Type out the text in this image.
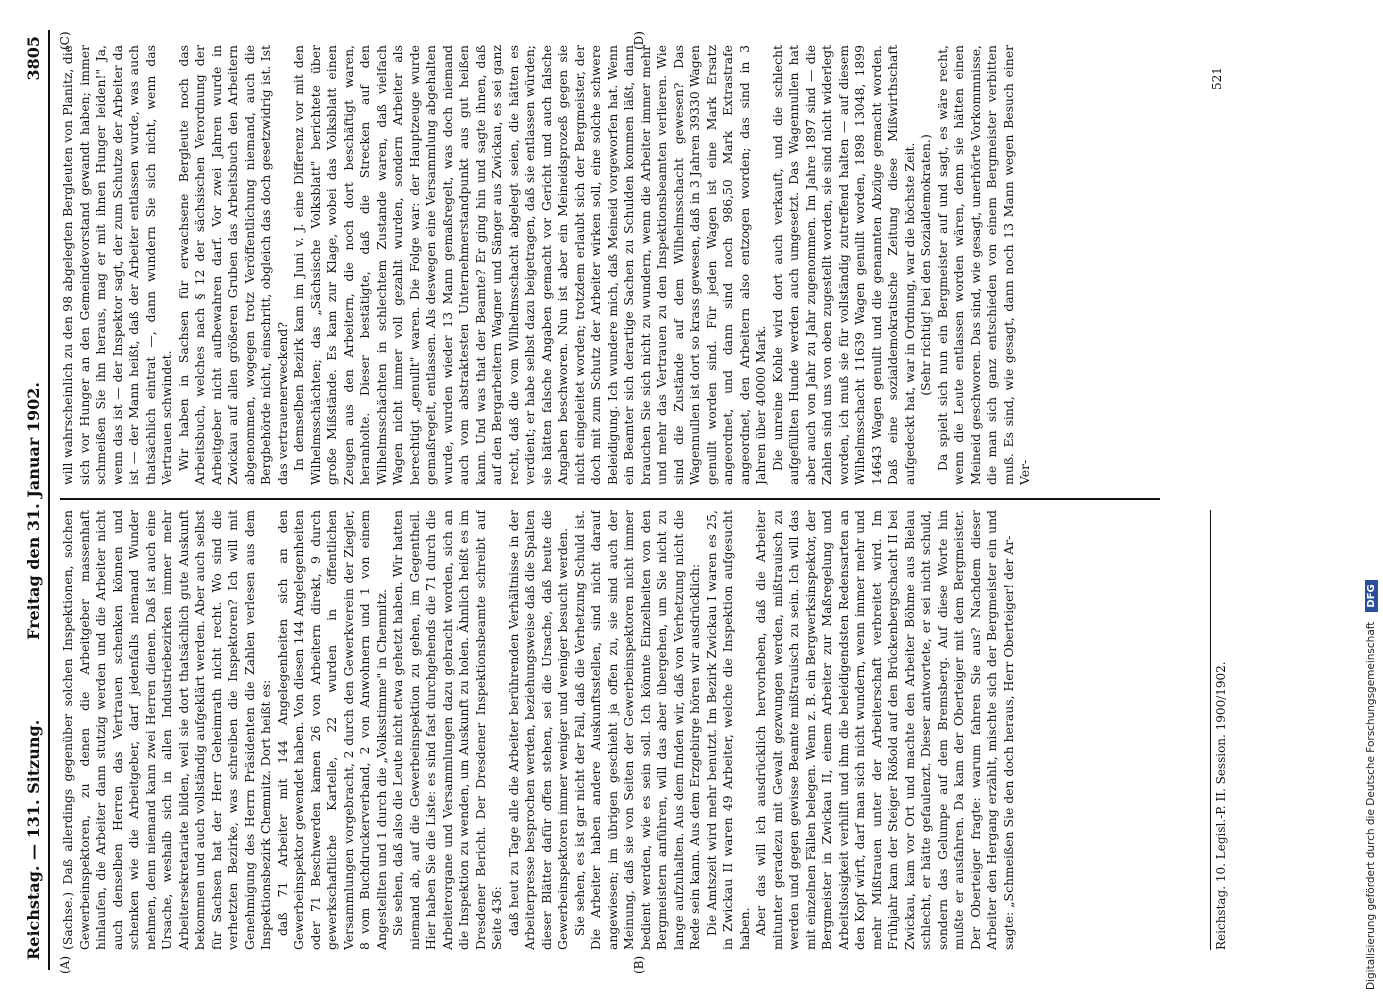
Reichstag. — 131. Sitzung.
Freitag den 31. Januar 1902.
3805
(A)	(B)
(C)	(D)

(Sachse.) Daß allerdings gegenüber solchen Inspektionen, solchen Gewerbeinspektoren, zu denen die Arbeitgeber massenhaft hinlaufen, die Arbeiter dann stutzig werden und die Arbeiter nicht auch denselben Herren das Vertrauen schenken können und schenken wie die Arbeitgeber, darf jedenfalls niemand Wunder nehmen, denn niemand kann zwei Herren dienen. Daß ist auch eine Ursache, weshalb sich in allen Industriebezirken immer mehr Arbeitersekretariate bilden, weil sie dort thatsächlich gute Auskunft bekommen und auch vollständig aufgeklärt werden. Aber auch selbst für Sachsen hat der Herr Geheimrath nicht recht. Wo sind die verhetzten Bezirke, was schreiben die Inspektoren? Ich will mit Genehmigung des Herrn Präsidenten die Zahlen verlesen aus dem Inspektionsbezirk Chemnitz. Dort heißt es: daß 71 Arbeiter mit 144 Angelegenheiten sich an den Gewerbeinspektor gewendet haben. Von diesen 144 Angelegenheiten oder 71 Beschwerden kamen 26 von Arbeitern direkt, 9 durch gewerkschaftliche Kartelle, 22 wurden in öffentlichen Versammlungen vorgebracht, 2 durch den Gewerkverein der Ziegler, 8 vom Buchdruckerverband, 2 von Anwohnern und 1 von einem Angestellten und 1 durch die „Volksstimme" in Chemnitz. Sie sehen, daß also die Leute nicht etwa gehetzt haben. Wir hatten niemand ab, auf die Gewerbeinspektion zu gehen, im Gegentheil. Hier haben Sie die Liste: es sind fast durchgehends die 71 durch die Arbeiterorgane und Versammlungen dazu gebracht worden, sich an die Inspektion zu wenden, um Auskunft zu holen. Ähnlich heißt es im Dresdener Bericht. Der Dresdener Inspektionsbeamte schreibt auf Seite 436: daß heut zu Tage alle die Arbeiter berührenden Verhältnisse in der Arbeiterpresse besprochen werden, beziehungsweise daß die Spalten dieser Blätter dafür offen stehen, sei die Ursache, daß heute die Gewerbeinspektoren immer weniger und weniger besucht werden. Sie sehen, es ist gar nicht der Fall, daß die Verhetzung Schuld ist. Die Arbeiter haben andere Auskunftsstellen, sind nicht darauf angewiesen; im übrigen geschieht ja offen zu, sie sind auch der Meinung, daß sie von Seiten der Gewerbeinspektoren nicht immer bedient werden, wie es sein soll. Ich könnte Einzelheiten von den Bergmeistern anführen, will das aber übergehen, um Sie nicht zu lange aufzuhalten. Aus dem finden wir, daß von Verhetzung nicht die Rede sein kann. Aus dem Erzgebirge hören wir ausdrücklich: Die Amtszeit wird mehr benutzt. Im Bezirk Zwickau I waren es 25, in Zwickau II waren 49 Arbeiter, welche die Inspektion aufgesucht haben. Aber das will ich ausdrücklich hervorheben, daß die Arbeiter mitunter geradezu mit Gewalt gezwungen werden, mißtrauisch zu werden und gegen gewisse Beamte mißtrauisch zu sein. Ich will das mit einzelnen Fällen belegen. Wenn z. B. ein Bergwerksinspektor, der Bergmeister in Zwickau II, einem Arbeiter zur Maßregelung und Arbeitslosigkeit verhilft und ihm die beleidigendsten Redensarten an den Kopf wirft, darf man sich nicht wundern, wenn immer mehr und mehr Mißtrauen unter der Arbeiterschaft verbreitet wird. Im Frühjahr kam der Steiger Rößold auf den Brückenbergschacht II bei Zwickau, kam vor Ort und machte den Arbeiter Böhme aus Bielau schlecht, er hätte gefaulenzt. Dieser antwortete, er sei nicht schuld, sondern das Gelumpe auf dem Bremsberg. Auf diese Worte hin mußte er ausfahren. Da kam der Oberteiger mit dem Bergmeister. Der Oberteiger fragte: warum fahren Sie aus? Nachdem dieser Arbeiter den Hergang erzählt, mischte sich der Bergmeister ein und sagte: „Schmeißen Sie den doch heraus, Herr Oberteiger! der Ar-

will wahrscheinlich zu den 98 abgelegten Bergleuten von Planitz, die sich vor Hunger an den Gemeindevorstand gewandt haben; immer schmeißen Sie ihn heraus, mag er mit ihnen Hunger leiden!" Ja, wenn das ist — der Inspektor sagt, der zum Schutze der Arbeiter da ist — der Mann heißt, daß der Arbeiter entlassen wurde, was auch thatsächlich eintrat —, dann wundern Sie sich nicht, wenn das Vertrauen schwindet. Wir haben in Sachsen für erwachsene Bergleute noch das Arbeitsbuch, welches nach § 12 der sächsischen Verordnung der Arbeitgeber nicht aufbewahren darf. Vor zwei Jahren wurde in Zwickau auf allen größeren Gruben das Arbeitsbuch den Arbeitern abgenommen, wogegen trotz Veröffentlichung niemand, auch die Bergbehörde nicht, einschritt, obgleich das doch gesetzwidrig ist. Ist das vertrauenerweckend? In demselben Bezirk kam im Juni v. J. eine Differenz vor mit den Wilhelmsschächten; das „Sächsische Volksblatt" berichtete über große Mißstände. Es kam zur Klage, wobei das Volksblatt einen Zeugen aus den Arbeitern, die noch dort beschäftigt waren, heranholte. Dieser bestätigte, daß die Strecken auf den Wilhelmsschächten in schlechtem Zustande waren, daß vielfach Wagen nicht immer voll gezahlt wurden, sondern Arbeiter als berechtigt „genullt" waren. Die Folge war: der Hauptzeuge wurde gemaßregelt, entlassen. Als deswegen eine Versammlung abgehalten wurde, wurden wieder 13 Mann gemaßregelt, was doch niemand auch vom abstraktesten Unternehmerstandpunkt aus gut heißen kann. Und was that der Beamte? Er ging hin und sagte ihnen, daß auf den Bergarbeitern Wagner und Sänger aus Zwickau, es sei ganz recht, daß die vom Wilhelmsschacht abgelegt seien, die hätten es verdient; er habe selbst dazu beigetragen, daß sie entlassen würden; sie hätten falsche Angaben gemacht vor Gericht und auch falsche Angaben beschworen. Nun ist aber ein Meineidsprozeß gegen sie nicht eingeleitet worden; trotzdem erlaubt sich der Bergmeister, der doch mit zum Schutz der Arbeiter wirken soll, eine solche schwere Beleidigung. Ich wundere mich, daß Meineid vorgeworfen hat. Wenn ein Beamter sich derartige Sachen zu Schulden kommen läßt, dann brauchen Sie sich nicht zu wundern, wenn die Arbeiter immer mehr und mehr das Vertrauen zu den Inspektionsbeamten verlieren. Wie sind die Zustände auf dem Wilhelmsschacht gewesen? Das Wagennullen ist dort so krass gewesen, daß in 3 Jahren 39330 Wagen genullt worden sind. Für jeden Wagen ist eine Mark Ersatz angeordnet, und dann sind noch 986,50 Mark Extrastrafe angeordnet, den Arbeitern also entzogen worden; das sind in 3 Jahren über 40000 Mark. Die unreine Kohle wird dort auch verkauft, und die schlecht aufgefüllten Hunde werden auch umgesetzt. Das Wagennullen hat aber auch von Jahr zu Jahr zugenommen. Im Jahre 1897 sind — die Zahlen sind uns von oben zugestellt worden, sie sind nicht widerlegt worden, ich muß sie für vollständig zutreffend halten — auf diesem Wilhelmsschacht 11639 Wagen genullt worden, 1898 13048, 1899 14643 Wagen genullt und die genannten Abzüge gemacht worden. Daß eine sozialdemokratische Zeitung diese Mißwirthschaft aufgedeckt hat, war in Ordnung, war die höchste Zeit. (Sehr richtig! bei den Sozialdemokraten.) Da spielt sich nun ein Bergmeister auf und sagt, es wäre recht, wenn die Leute entlassen worden wären, denn sie hätten einen Meineid geschworen. Das sind, wie gesagt, unerhörte Vorkommnisse, die man sich ganz entschieden von einem Bergmeister verbitten muß. Es sind, wie gesagt, dann noch 13 Mann wegen Besuch einer Ver-

Reichstag. 10. Legisl.-P. II. Session. 1900/1902.
521
Digitalisierung gefördert durch die Deutsche Forschungsgemeinschaft
DFG
